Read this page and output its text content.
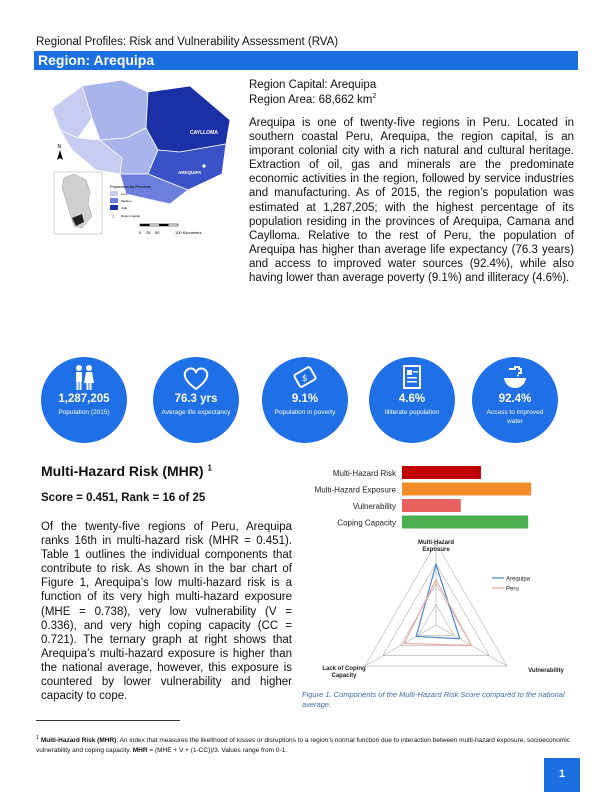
Regional Profiles: Risk and Vulnerability Assessment (RVA)
Region: Arequipa
CAYLLOMA
AREQUIPA
N
Population by Province
Low
Medium
High
☆ Region capital
0 25 50	100 Kilometers
Region Capital: Arequipa
Region Area: 68,662 $km^2$
Arequipa is one of twenty-five regions in Peru. Located in southern coastal Peru, Arequipa, the region capital, is an imporant colonial city with a rich natural and cultural heritage. Extraction of oil, gas and minerals are the predominate economic activities in the region, followed by service industries and manufacturing. As of 2015, the region’s population was estimated at 1,287,205; with the highest percentage of its population residing in the provinces of Arequipa, Camana and Caylloma. Relative to the rest of Peru, the population of Arequipa has higher than average life expectancy (76.3 years) and access to improved water sources (92.4%), while also having lower than average poverty (9.1%) and illiteracy (4.6%).
1,287,205
Population (2015)
76.3 yrs
Average life expectancy
$
9.1%
Population in poverty
4.6%
Illiterate population
92.4%
Access to improved water
Multi-Hazard Risk (MHR) $^1$
Score = 0.451, Rank = 16 of 25
Of the twenty-five regions of Peru, Arequipa ranks 16th in multi-hazard risk (MHR = 0.451). Table 1 outlines the individual components that contribute to risk. As shown in the bar chart of Figure 1, Arequipa’s low multi-hazard risk is a function of its very high multi-hazard exposure (MHE = 0.738), very low vulnerability (V = 0.336), and very high coping capacity (CC = 0.721). The ternary graph at right shows that Arequipa’s multi-hazard exposure is higher than the national average, however, this exposure is countered by lower vulnerability and higher capacity to cope.
Multi-Hazard Risk
Multi-Hazard Exposure
Vulnerability
Coping Capacity
Multi-Hazard Exposure
Vulnerability
Lack of Coping Capacity
Arequipa
Peru
Figure 1. Components of the Multi-Hazard Risk Score compared to the national average.
$^1$ Multi-Hazard Risk (MHR): An index that measures the likelihood of losses or disruptions to a region’s normal function due to interaction between multi-hazard exposure, socioeconomic vulnerability and coping capacity. MHR = (MHE + V + (1-CC))/3. Values range from 0-1.
1
